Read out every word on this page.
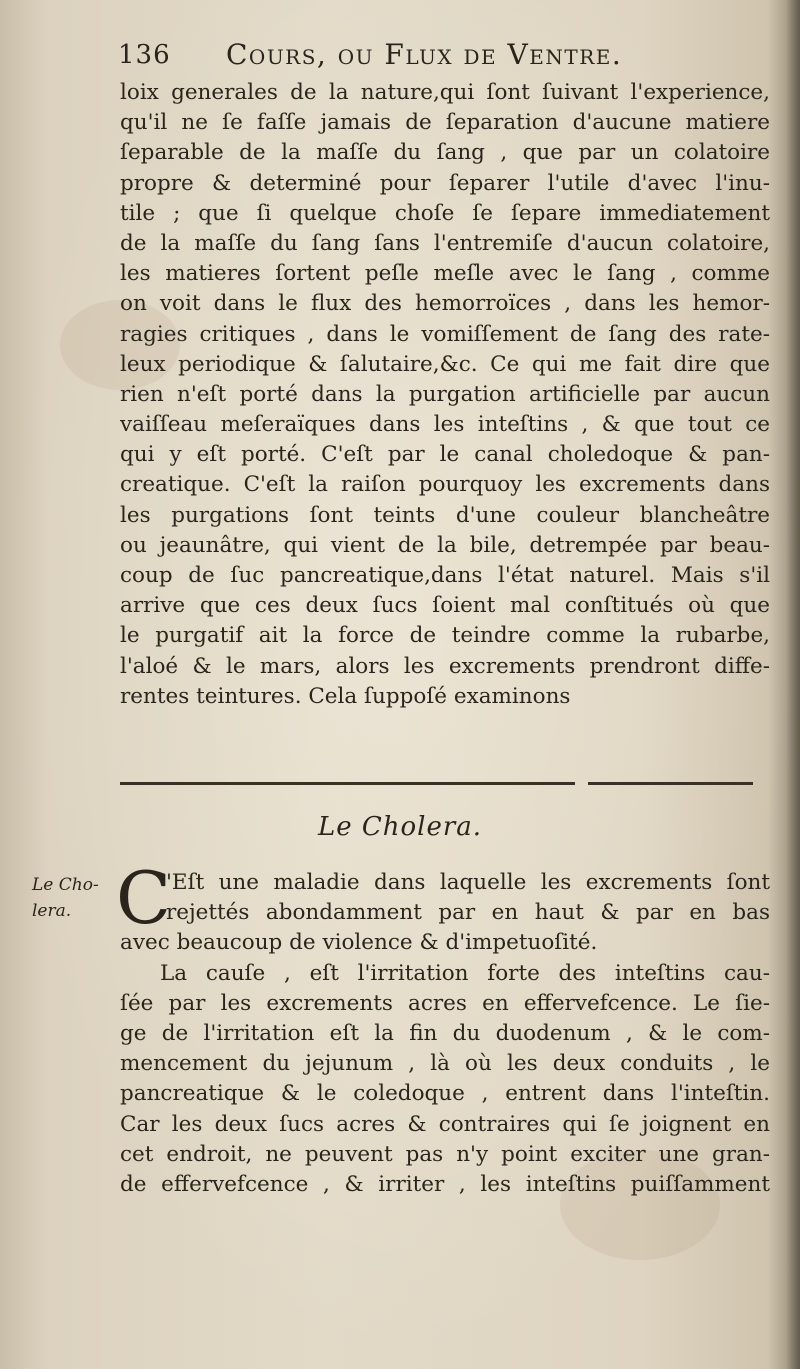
136 Cours, ou Flux de Ventre.
loix generales de la nature,qui ſont ſuivant l'experience,
qu'il ne ſe faſſe jamais de ſeparation d'aucune matiere
ſeparable de la maſſe du ſang , que par un colatoire
propre & determiné pour ſeparer l'utile d'avec l'inu-
tile ; que ſi quelque choſe ſe ſepare immediatement
de la maſſe du ſang ſans l'entremiſe d'aucun colatoire,
les matieres ſortent peſle meſle avec le ſang , comme
on voit dans le flux des hemorroïces , dans les hemor-
ragies critiques , dans le vomiſſement de ſang des rate-
leux periodique & ſalutaire,&c. Ce qui me fait dire que
rien n'eſt porté dans la purgation artificielle par aucun
vaiſſeau meſeraïques dans les inteſtins , & que tout ce
qui y eſt porté. C'eſt par le canal choledoque & pan-
creatique. C'eſt la raiſon pourquoy les excrements dans
les purgations ſont teints d'une couleur blancheâtre
ou jeaunâtre, qui vient de la bile, detrempée par beau-
coup de ſuc pancreatique,dans l'état naturel. Mais s'il
arrive que ces deux ſucs ſoient mal conſtitués où que
le purgatif ait la force de teindre comme la rubarbe,
l'aloé & le mars, alors les excrements prendront diffe-
rentes teintures. Cela ſuppoſé examinons
Le Cholera.
Le Cho-
lera. C
'Eſt une maladie dans laquelle les excrements ſont
rejettés abondamment par en haut & par en bas
avec beaucoup de violence & d'impetuoſité.
La cauſe , eſt l'irritation forte des inteſtins cau-
ſée par les excrements acres en effervefcence. Le ſie-
ge de l'irritation eſt la fin du duodenum , & le com-
mencement du jejunum , là où les deux conduits , le
pancreatique & le coledoque , entrent dans l'inteſtin.
Car les deux ſucs acres & contraires qui ſe joignent en
cet endroit, ne peuvent pas n'y point exciter une gran-
de effervefcence , & irriter , les inteſtins puiſſamment
